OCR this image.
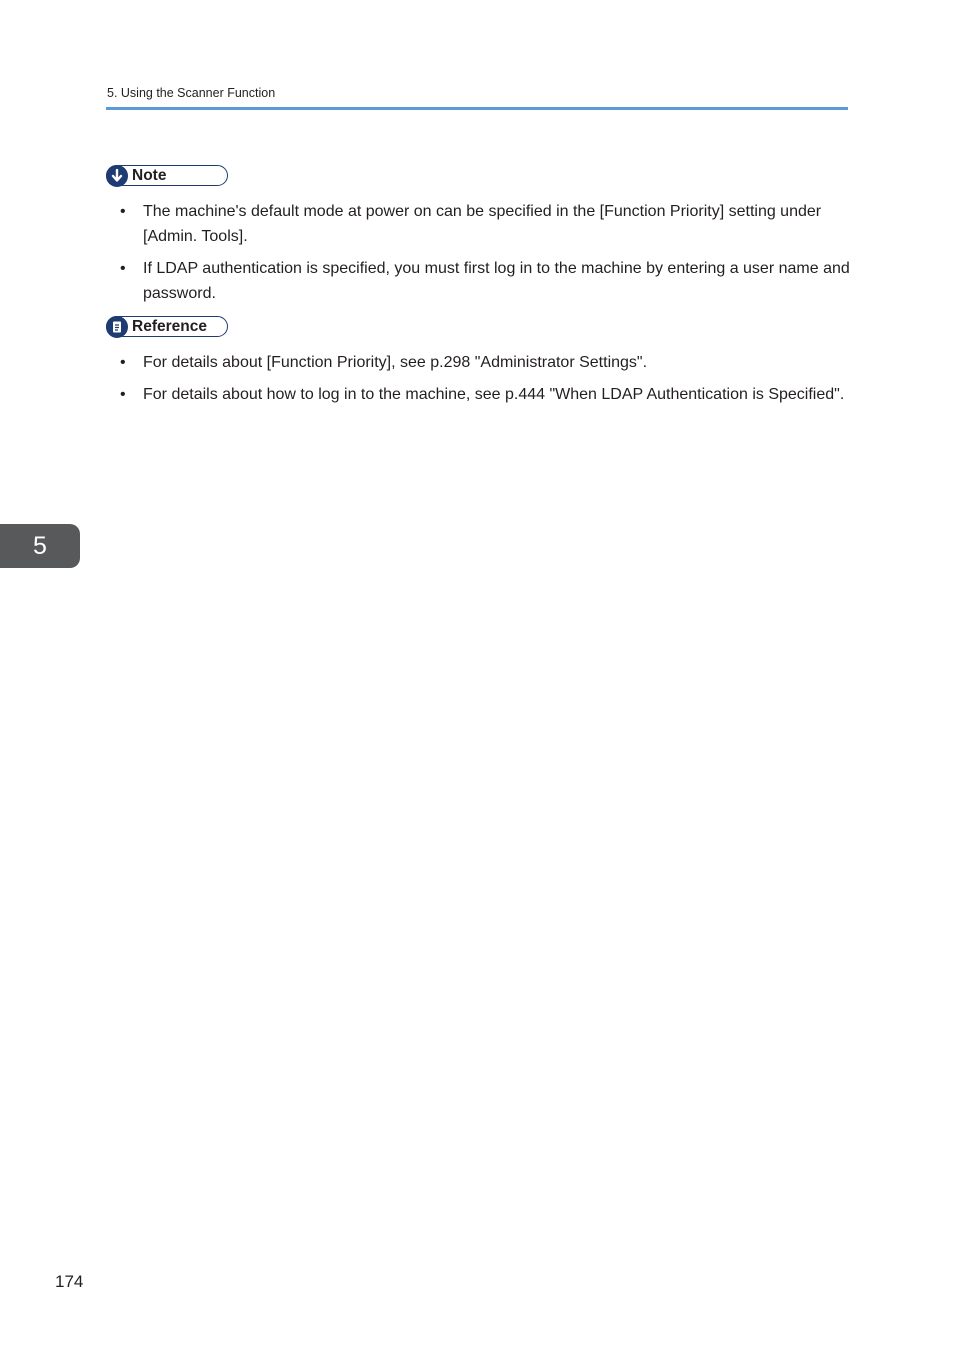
5. Using the Scanner Function
Note
• The machine's default mode at power on can be specified in the [Function Priority] setting under [Admin. Tools].
• If LDAP authentication is specified, you must first log in to the machine by entering a user name and password.
Reference
• For details about [Function Priority], see p.298 "Administrator Settings".
• For details about how to log in to the machine, see p.444 "When LDAP Authentication is Specified".
5
174
